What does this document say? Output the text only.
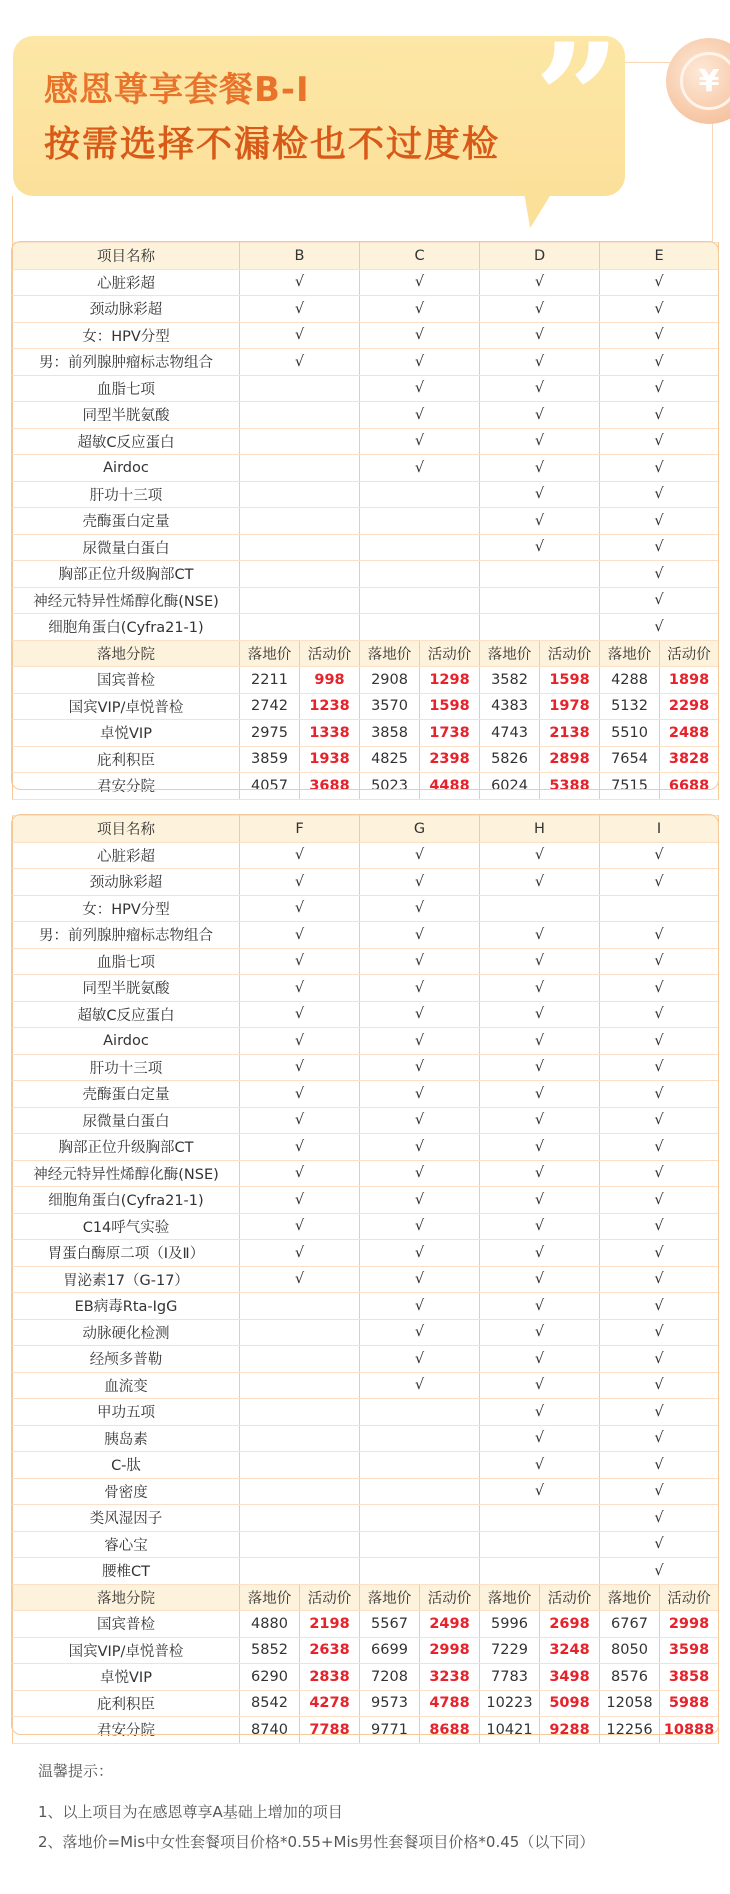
¥
”
感恩尊享套餐B-I
按需选择不漏检也不过度检
项目名称	B		C		D		E	
心脏彩超	√		√		√		√	
颈动脉彩超	√		√		√		√	
女：HPV分型	√		√		√		√	
男：前列腺肿瘤标志物组合	√		√		√		√	
血脂七项			√		√		√	
同型半胱氨酸			√		√		√	
超敏C反应蛋白			√		√		√	
Airdoc			√		√		√	
肝功十三项					√		√	
壳酶蛋白定量					√		√	
尿微量白蛋白					√		√	
胸部正位升级胸部CT							√	
神经元特异性烯醇化酶(NSE)							√	
细胞角蛋白(Cyfra21-1)							√	
落地分院	落地价	活动价	落地价	活动价	落地价	活动价	落地价	活动价
国宾普检	2211	998	2908	1298	3582	1598	4288	1898
国宾VIP/卓悦普检	2742	1238	3570	1598	4383	1978	5132	2298
卓悦VIP	2975	1338	3858	1738	4743	2138	5510	2488
庇利积臣	3859	1938	4825	2398	5826	2898	7654	3828
君安分院	4057	3688	5023	4488	6024	5388	7515	6688
项目名称	F		G		H		I	
心脏彩超	√		√		√		√	
颈动脉彩超	√		√		√		√	
女：HPV分型	√		√					
男：前列腺肿瘤标志物组合	√		√		√		√	
血脂七项	√		√		√		√	
同型半胱氨酸	√		√		√		√	
超敏C反应蛋白	√		√		√		√	
Airdoc	√		√		√		√	
肝功十三项	√		√		√		√	
壳酶蛋白定量	√		√		√		√	
尿微量白蛋白	√		√		√		√	
胸部正位升级胸部CT	√		√		√		√	
神经元特异性烯醇化酶(NSE)	√		√		√		√	
细胞角蛋白(Cyfra21-1)	√		√		√		√	
C14呼气实验	√		√		√		√	
胃蛋白酶原二项（Ⅰ及Ⅱ）	√		√		√		√	
胃泌素17（G-17）	√		√		√		√	
EB病毒Rta-IgG			√		√		√	
动脉硬化检测			√		√		√	
经颅多普勒			√		√		√	
血流变			√		√		√	
甲功五项					√		√	
胰岛素					√		√	
C-肽					√		√	
骨密度					√		√	
类风湿因子							√	
睿心宝							√	
腰椎CT							√	
落地分院	落地价	活动价	落地价	活动价	落地价	活动价	落地价	活动价
国宾普检	4880	2198	5567	2498	5996	2698	6767	2998
国宾VIP/卓悦普检	5852	2638	6699	2998	7229	3248	8050	3598
卓悦VIP	6290	2838	7208	3238	7783	3498	8576	3858
庇利积臣	8542	4278	9573	4788	10223	5098	12058	5988
君安分院	8740	7788	9771	8688	10421	9288	12256	10888
温馨提示：
1、以上项目为在感恩尊享A基础上增加的项目
2、落地价=Mis中女性套餐项目价格*0.55+Mis男性套餐项目价格*0.45（以下同）
